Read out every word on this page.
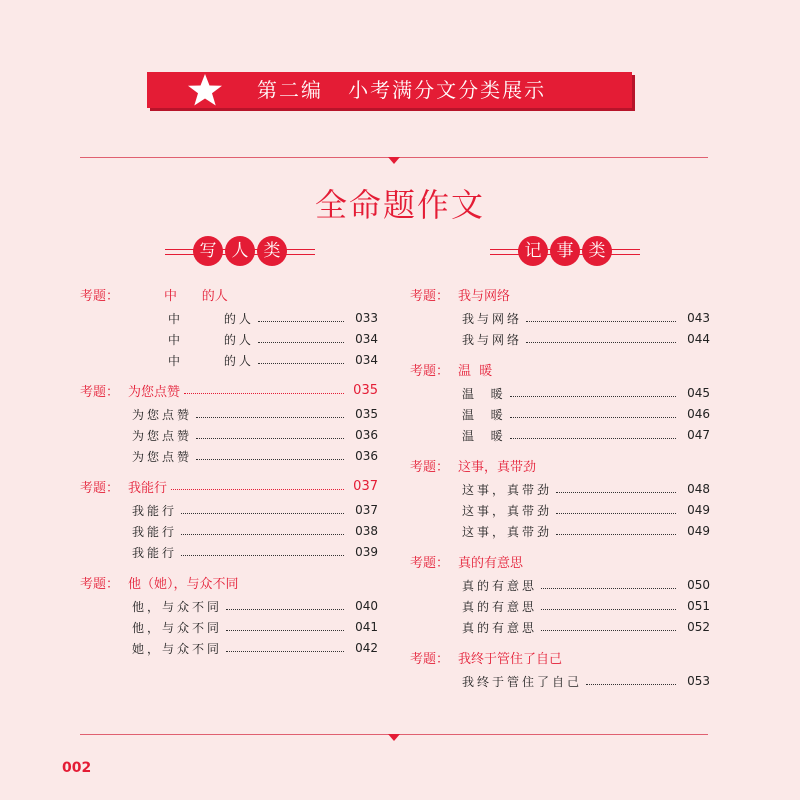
第二编   小考满分文分类展示
全命题作文
写 人 类	记 事 类
考题：	中      的人
中      的人	033
中      的人	034
中      的人	034
考题： 为您点赞	035
为您点赞	035
为您点赞	036
为您点赞	036
考题： 我能行	037
我能行	037
我能行	038
我能行	039
考题： 他（她），与众不同
他，与众不同	040
他，与众不同	041
她，与众不同	042
考题： 我与网络
我与网络	043
我与网络	044
考题： 温  暖
温  暖	045
温  暖	046
温  暖	047
考题： 这事，真带劲
这事，真带劲	048
这事，真带劲	049
这事，真带劲	049
考题： 真的有意思
真的有意思	050
真的有意思	051
真的有意思	052
考题： 我终于管住了自己
我终于管住了自己	053
002
